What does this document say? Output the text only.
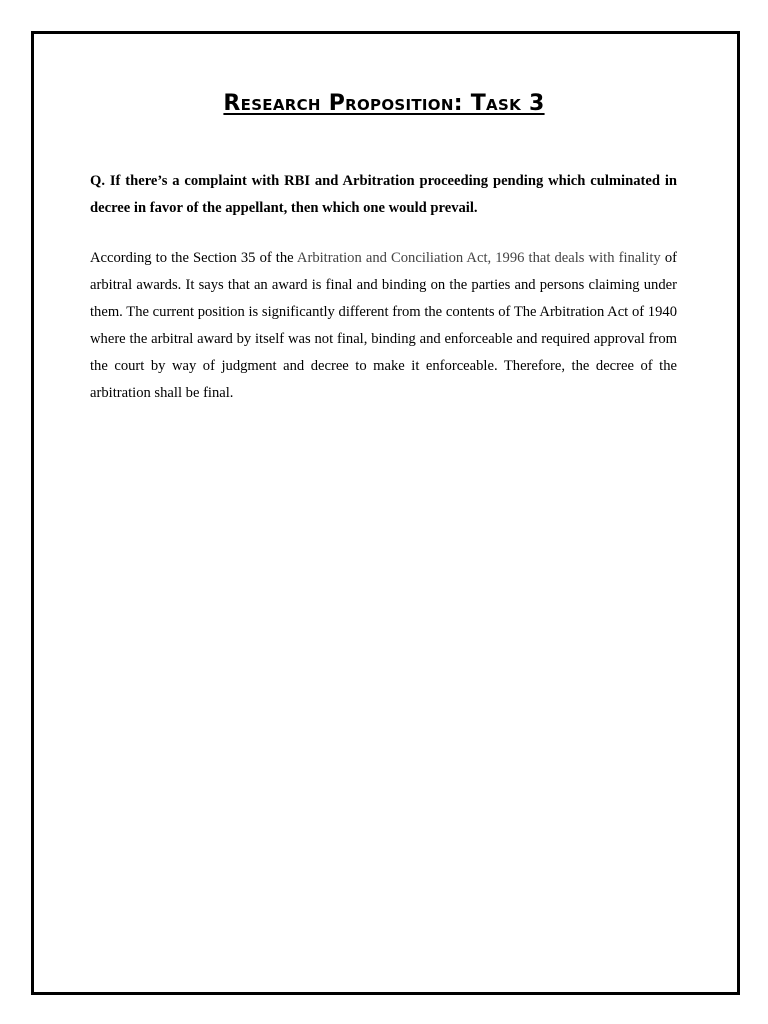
Research Proposition: Task 3

Q. If there’s a complaint with RBI and Arbitration proceeding pending which culminated in decree in favor of the appellant, then which one would prevail.

According to the Section 35 of the Arbitration and Conciliation Act, 1996 that deals with finality of arbitral awards. It says that an award is final and binding on the parties and persons claiming under them. The current position is significantly different from the contents of The Arbitration Act of 1940 where the arbitral award by itself was not final, binding and enforceable and required approval from the court by way of judgment and decree to make it enforceable. Therefore, the decree of the arbitration shall be final.
